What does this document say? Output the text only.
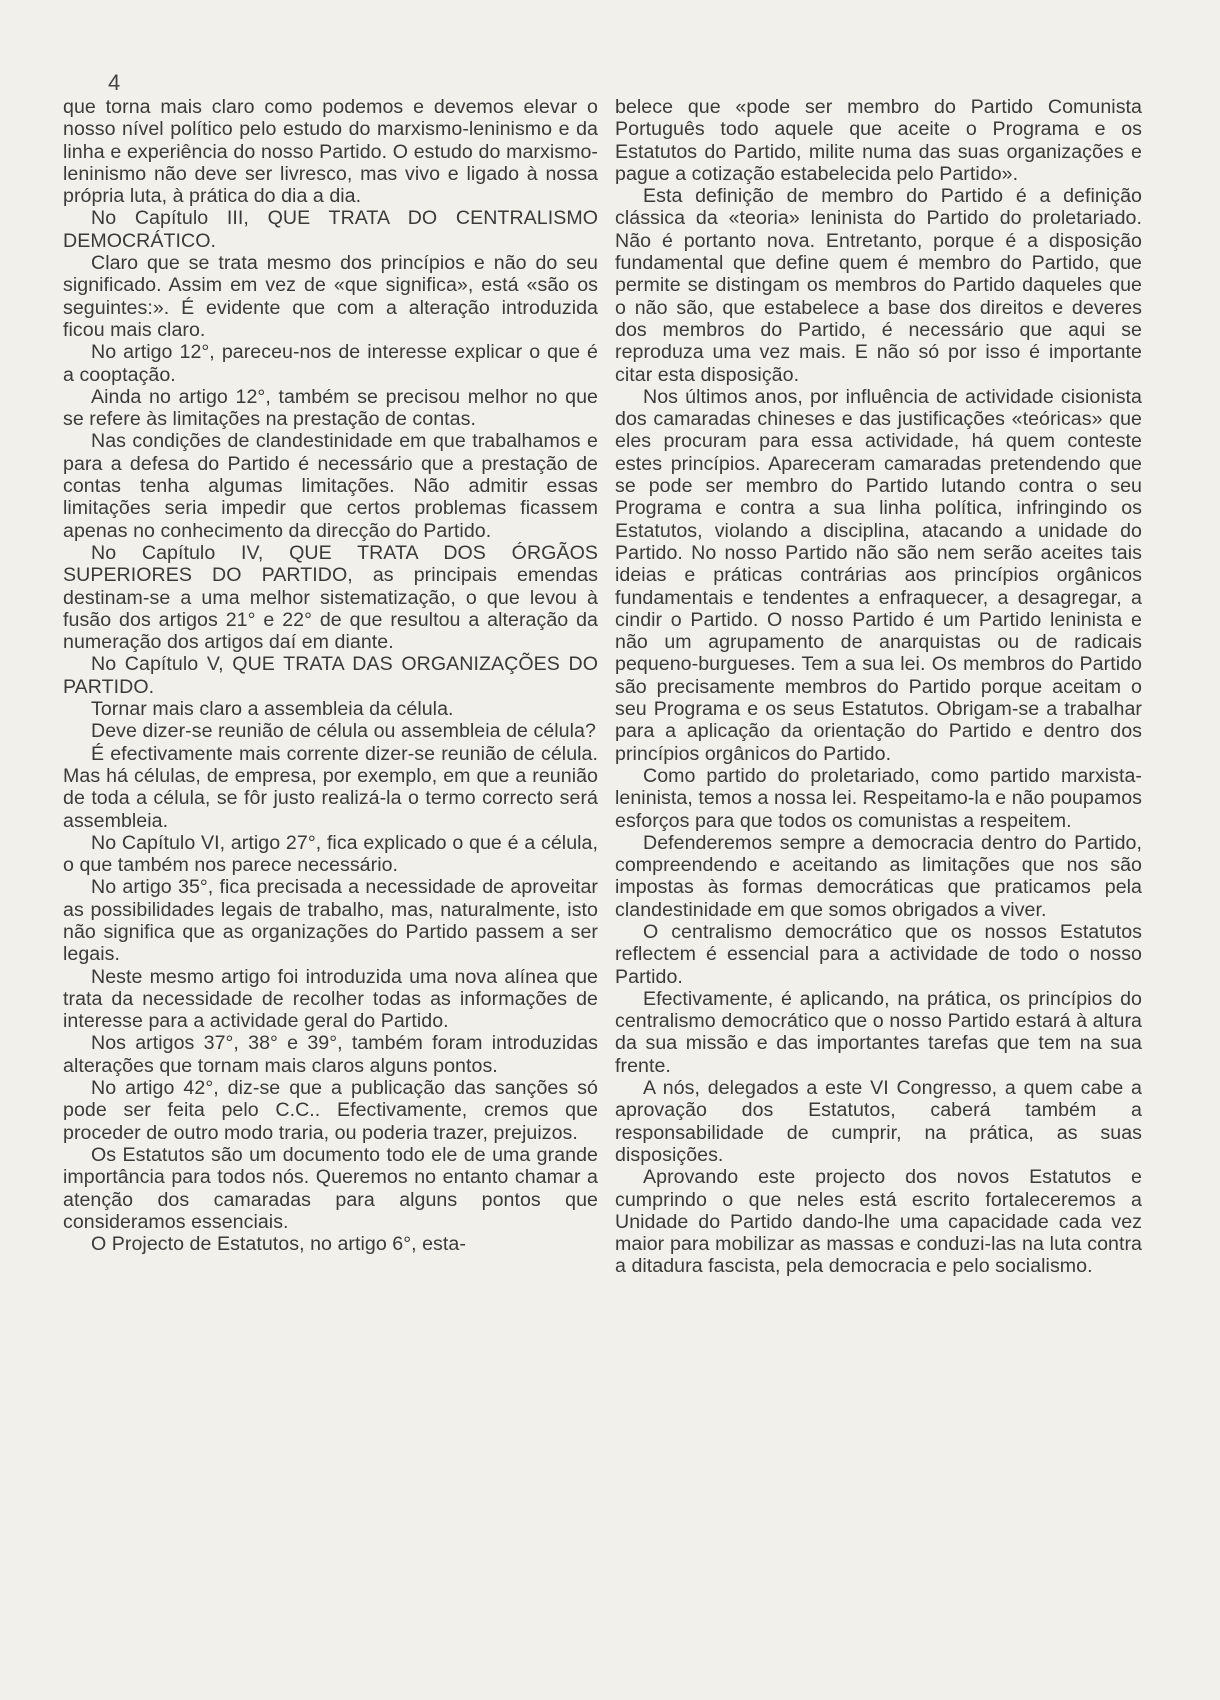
4

que torna mais claro como podemos e devemos elevar o nosso nível político pelo estudo do marxismo-leninismo e da linha e experiência do nosso Partido. O estudo do marxismo-leninismo não deve ser livresco, mas vivo e ligado à nossa própria luta, à prática do dia a dia.

No Capítulo III, QUE TRATA DO CENTRALISMO DEMOCRÁTICO.

Claro que se trata mesmo dos princípios e não do seu significado. Assim em vez de «que significa», está «são os seguintes:». É evidente que com a alteração introduzida ficou mais claro.

No artigo 12°, pareceu-nos de interesse explicar o que é a cooptação.

Ainda no artigo 12°, também se precisou melhor no que se refere às limitações na prestação de contas.

Nas condições de clandestinidade em que trabalhamos e para a defesa do Partido é necessário que a prestação de contas tenha algumas limitações. Não admitir essas limitações seria impedir que certos problemas ficassem apenas no conhecimento da direcção do Partido.

No Capítulo IV, QUE TRATA DOS ÓRGÃOS SUPERIORES DO PARTIDO, as principais emendas destinam-se a uma melhor sistematização, o que levou à fusão dos artigos 21° e 22° de que resultou a alteração da numeração dos artigos daí em diante.

No Capítulo V, QUE TRATA DAS ORGANIZAÇÕES DO PARTIDO.

Tornar mais claro a assembleia da célula.

Deve dizer-se reunião de célula ou assembleia de célula?

É efectivamente mais corrente dizer-se reunião de célula. Mas há células, de empresa, por exemplo, em que a reunião de toda a célula, se fôr justo realizá-la o termo correcto será assembleia.

No Capítulo VI, artigo 27°, fica explicado o que é a célula, o que também nos parece necessário.

No artigo 35°, fica precisada a necessidade de aproveitar as possibilidades legais de trabalho, mas, naturalmente, isto não significa que as organizações do Partido passem a ser legais.

Neste mesmo artigo foi introduzida uma nova alínea que trata da necessidade de recolher todas as informações de interesse para a actividade geral do Partido.

Nos artigos 37°, 38° e 39°, também foram introduzidas alterações que tornam mais claros alguns pontos.

No artigo 42°, diz-se que a publicação das sanções só pode ser feita pelo C.C.. Efectivamente, cremos que proceder de outro modo traria, ou poderia trazer, prejuizos.

Os Estatutos são um documento todo ele de uma grande importância para todos nós. Queremos no entanto chamar a atenção dos camaradas para alguns pontos que consideramos essenciais.

O Projecto de Estatutos, no artigo 6°, esta-

belece que «pode ser membro do Partido Comunista Português todo aquele que aceite o Programa e os Estatutos do Partido, milite numa das suas organizações e pague a cotização estabelecida pelo Partido».

Esta definição de membro do Partido é a definição clássica da «teoria» leninista do Partido do proletariado. Não é portanto nova. Entretanto, porque é a disposição fundamental que define quem é membro do Partido, que permite se distingam os membros do Partido daqueles que o não são, que estabelece a base dos direitos e deveres dos membros do Partido, é necessário que aqui se reproduza uma vez mais. E não só por isso é importante citar esta disposição.

Nos últimos anos, por influência de actividade cisionista dos camaradas chineses e das justificações «teóricas» que eles procuram para essa actividade, há quem conteste estes princípios. Apareceram camaradas pretendendo que se pode ser membro do Partido lutando contra o seu Programa e contra a sua linha política, infringindo os Estatutos, violando a disciplina, atacando a unidade do Partido. No nosso Partido não são nem serão aceites tais ideias e práticas contrárias aos princípios orgânicos fundamentais e tendentes a enfraquecer, a desagregar, a cindir o Partido. O nosso Partido é um Partido leninista e não um agrupamento de anarquistas ou de radicais pequeno-burgueses. Tem a sua lei. Os membros do Partido são precisamente membros do Partido porque aceitam o seu Programa e os seus Estatutos. Obrigam-se a trabalhar para a aplicação da orientação do Partido e dentro dos princípios orgânicos do Partido.

Como partido do proletariado, como partido marxista-leninista, temos a nossa lei. Respeitamo-la e não poupamos esforços para que todos os comunistas a respeitem.

Defenderemos sempre a democracia dentro do Partido, compreendendo e aceitando as limitações que nos são impostas às formas democráticas que praticamos pela clandestinidade em que somos obrigados a viver.

O centralismo democrático que os nossos Estatutos reflectem é essencial para a actividade de todo o nosso Partido.

Efectivamente, é aplicando, na prática, os princípios do centralismo democrático que o nosso Partido estará à altura da sua missão e das importantes tarefas que tem na sua frente.

A nós, delegados a este VI Congresso, a quem cabe a aprovação dos Estatutos, caberá também a responsabilidade de cumprir, na prática, as suas disposições.

Aprovando este projecto dos novos Estatutos e cumprindo o que neles está escrito fortaleceremos a Unidade do Partido dando-lhe uma capacidade cada vez maior para mobilizar as massas e conduzi-las na luta contra a ditadura fascista, pela democracia e pelo socialismo.
